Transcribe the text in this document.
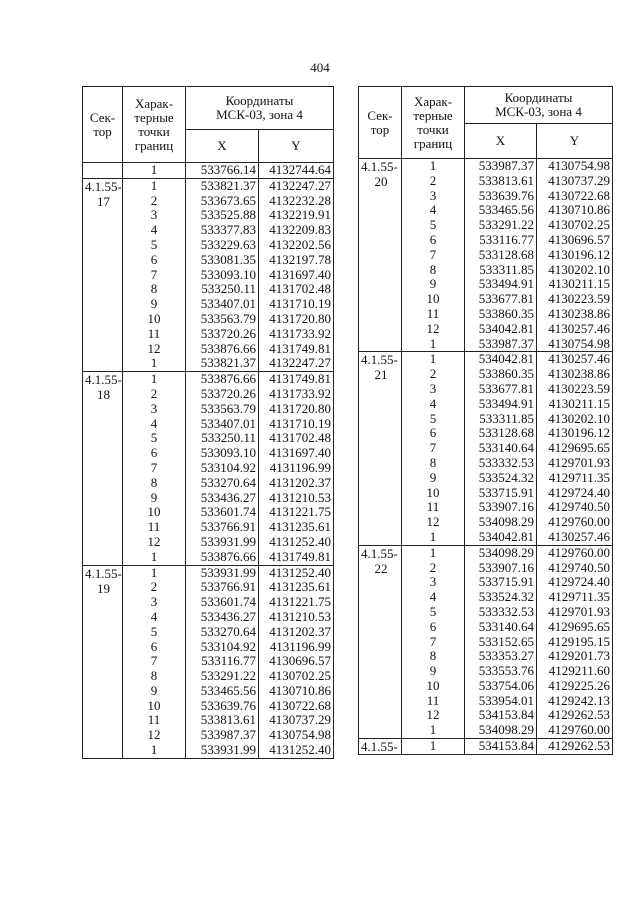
404
Сек-
тор	Харак-
терные
точки
границ	Координаты
МСК-03, зона 4	
		X	Y

	1	533766.14	4132744.64

4.1.55-
17	1	533821.37	4132247.27
	2	533673.65	4132232.28
	3	533525.88	4132219.91
	4	533377.83	4132209.83
	5	533229.63	4132202.56
	6	533081.35	4132197.78
	7	533093.10	4131697.40
	8	533250.11	4131702.48
	9	533407.01	4131710.19
	10	533563.79	4131720.80
	11	533720.26	4131733.92
	12	533876.66	4131749.81
	1	533821.37	4132247.27

4.1.55-
18	1	533876.66	4131749.81
	2	533720.26	4131733.92
	3	533563.79	4131720.80
	4	533407.01	4131710.19
	5	533250.11	4131702.48
	6	533093.10	4131697.40
	7	533104.92	4131196.99
	8	533270.64	4131202.37
	9	533436.27	4131210.53
	10	533601.74	4131221.75
	11	533766.91	4131235.61
	12	533931.99	4131252.40
	1	533876.66	4131749.81

4.1.55-
19	1	533931.99	4131252.40
	2	533766.91	4131235.61
	3	533601.74	4131221.75
	4	533436.27	4131210.53
	5	533270.64	4131202.37
	6	533104.92	4131196.99
	7	533116.77	4130696.57
	8	533291.22	4130702.25
	9	533465.56	4130710.86
	10	533639.76	4130722.68
	11	533813.61	4130737.29
	12	533987.37	4130754.98
	1	533931.99	4131252.40
Сек-
тор	Харак-
терные
точки
границ	Координаты
МСК-03, зона 4	
		X	Y

4.1.55-
20	1	533987.37	4130754.98
	2	533813.61	4130737.29
	3	533639.76	4130722.68
	4	533465.56	4130710.86
	5	533291.22	4130702.25
	6	533116.77	4130696.57
	7	533128.68	4130196.12
	8	533311.85	4130202.10
	9	533494.91	4130211.15
	10	533677.81	4130223.59
	11	533860.35	4130238.86
	12	534042.81	4130257.46
	1	533987.37	4130754.98

4.1.55-
21	1	534042.81	4130257.46
	2	533860.35	4130238.86
	3	533677.81	4130223.59
	4	533494.91	4130211.15
	5	533311.85	4130202.10
	6	533128.68	4130196.12
	7	533140.64	4129695.65
	8	533332.53	4129701.93
	9	533524.32	4129711.35
	10	533715.91	4129724.40
	11	533907.16	4129740.50
	12	534098.29	4129760.00
	1	534042.81	4130257.46

4.1.55-
22	1	534098.29	4129760.00
	2	533907.16	4129740.50
	3	533715.91	4129724.40
	4	533524.32	4129711.35
	5	533332.53	4129701.93
	6	533140.64	4129695.65
	7	533152.65	4129195.15
	8	533353.27	4129201.73
	9	533553.76	4129211.60
	10	533754.06	4129225.26
	11	533954.01	4129242.13
	12	534153.84	4129262.53
	1	534098.29	4129760.00

4.1.55-	1	534153.84	4129262.53
